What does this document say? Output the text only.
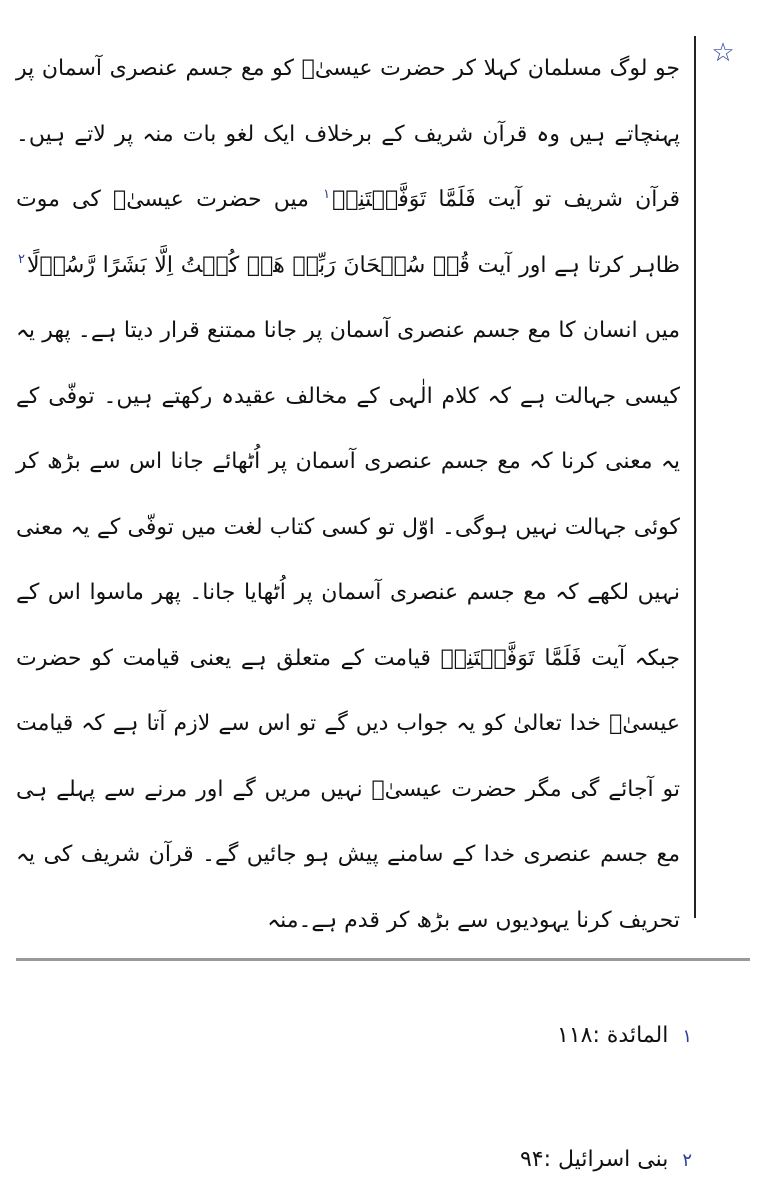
☆

جو لوگ مسلمان کہلا کر حضرت عیسیٰؑ کو مع جسم عنصری آسمان پر پہنچاتے ہیں وہ قرآن شریف کے برخلاف ایک لغو بات منہ پر لاتے ہیں۔ قرآن شریف تو آیت فَلَمَّا تَوَفَّیۡتَنِیۡ$^۱$ میں حضرت عیسیٰؑ کی موت ظاہر کرتا ہے اور آیت قُلۡ سُبۡحَانَ رَبِّیۡ هَلۡ کُنۡتُ اِلَّا بَشَرًا رَّسُوۡلًا$^۲$ میں انسان کا مع جسم عنصری آسمان پر جانا ممتنع قرار دیتا ہے۔ پھر یہ کیسی جہالت ہے کہ کلام الٰہی کے مخالف عقیدہ رکھتے ہیں۔ توفّی کے یہ معنی کرنا کہ مع جسم عنصری آسمان پر اُٹھائے جانا اس سے بڑھ کر کوئی جہالت نہیں ہوگی۔ اوّل تو کسی کتاب لغت میں توفّی کے یہ معنی نہیں لکھے کہ مع جسم عنصری آسمان پر اُٹھایا جانا۔ پھر ماسوا اس کے جبکہ آیت فَلَمَّا تَوَفَّیۡتَنِیۡ قیامت کے متعلق ہے یعنی قیامت کو حضرت عیسیٰؑ خدا تعالیٰ کو یہ جواب دیں گے تو اس سے لازم آتا ہے کہ قیامت تو آجائے گی مگر حضرت عیسیٰؑ نہیں مریں گے اور مرنے سے پہلے ہی مع جسم عنصری خدا کے سامنے پیش ہو جائیں گے۔ قرآن شریف کی یہ تحریف کرنا یہودیوں سے بڑھ کر قدم ہے۔منہ

۱المائدة :۱۱۸
۲بنی اسرائیل :۹۴
